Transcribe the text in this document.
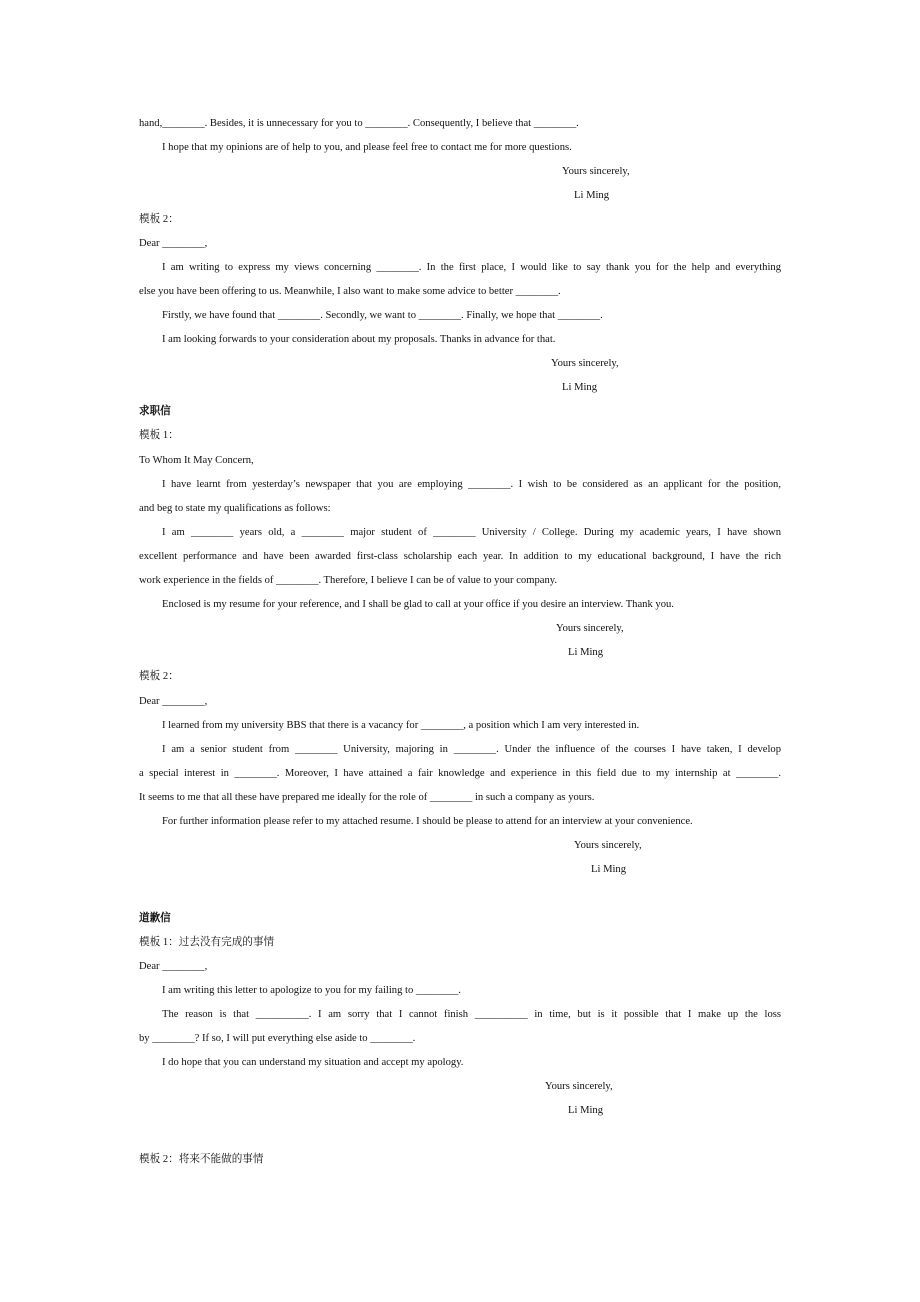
hand,________. Besides, it is unnecessary for you to ________. Consequently, I believe that ________.
I hope that my opinions are of help to you, and please feel free to contact me for more questions.
Yours sincerely,
Li Ming
模板 2：
Dear ________,
I am writing to express my views concerning ________. In the first place, I would like to say thank you for the help and everything
else you have been offering to us. Meanwhile, I also want to make some advice to better ________.
Firstly, we have found that ________. Secondly, we want to ________. Finally, we hope that ________.
I am looking forwards to your consideration about my proposals. Thanks in advance for that.
Yours sincerely,
Li Ming
求职信
模板 1：
To Whom It May Concern,
I have learnt from yesterday’s newspaper that you are employing ________. I wish to be considered as an applicant for the position,
and beg to state my qualifications as follows:
I am ________ years old, a ________ major student of ________ University / College. During my academic years, I have shown
excellent performance and have been awarded first-class scholarship each year. In addition to my educational background, I have the rich
work experience in the fields of ________. Therefore, I believe I can be of value to your company.
Enclosed is my resume for your reference, and I shall be glad to call at your office if you desire an interview. Thank you.
Yours sincerely,
Li Ming
模板 2：
Dear ________,
I learned from my university BBS that there is a vacancy for ________, a position which I am very interested in.
I am a senior student from ________ University, majoring in ________. Under the influence of the courses I have taken, I develop
a special interest in ________. Moreover, I have attained a fair knowledge and experience in this field due to my internship at ________.
It seems to me that all these have prepared me ideally for the role of ________ in such a company as yours.
For further information please refer to my attached resume. I should be please to attend for an interview at your convenience.
Yours sincerely,
Li Ming
道歉信
模板 1：过去没有完成的事情
Dear ________,
I am writing this letter to apologize to you for my failing to ________.
The reason is that __________. I am sorry that I cannot finish __________ in time, but is it possible that I make up the loss
by ________? If so, I will put everything else aside to ________.
I do hope that you can understand my situation and accept my apology.
Yours sincerely,
Li Ming
模板 2：将来不能做的事情
